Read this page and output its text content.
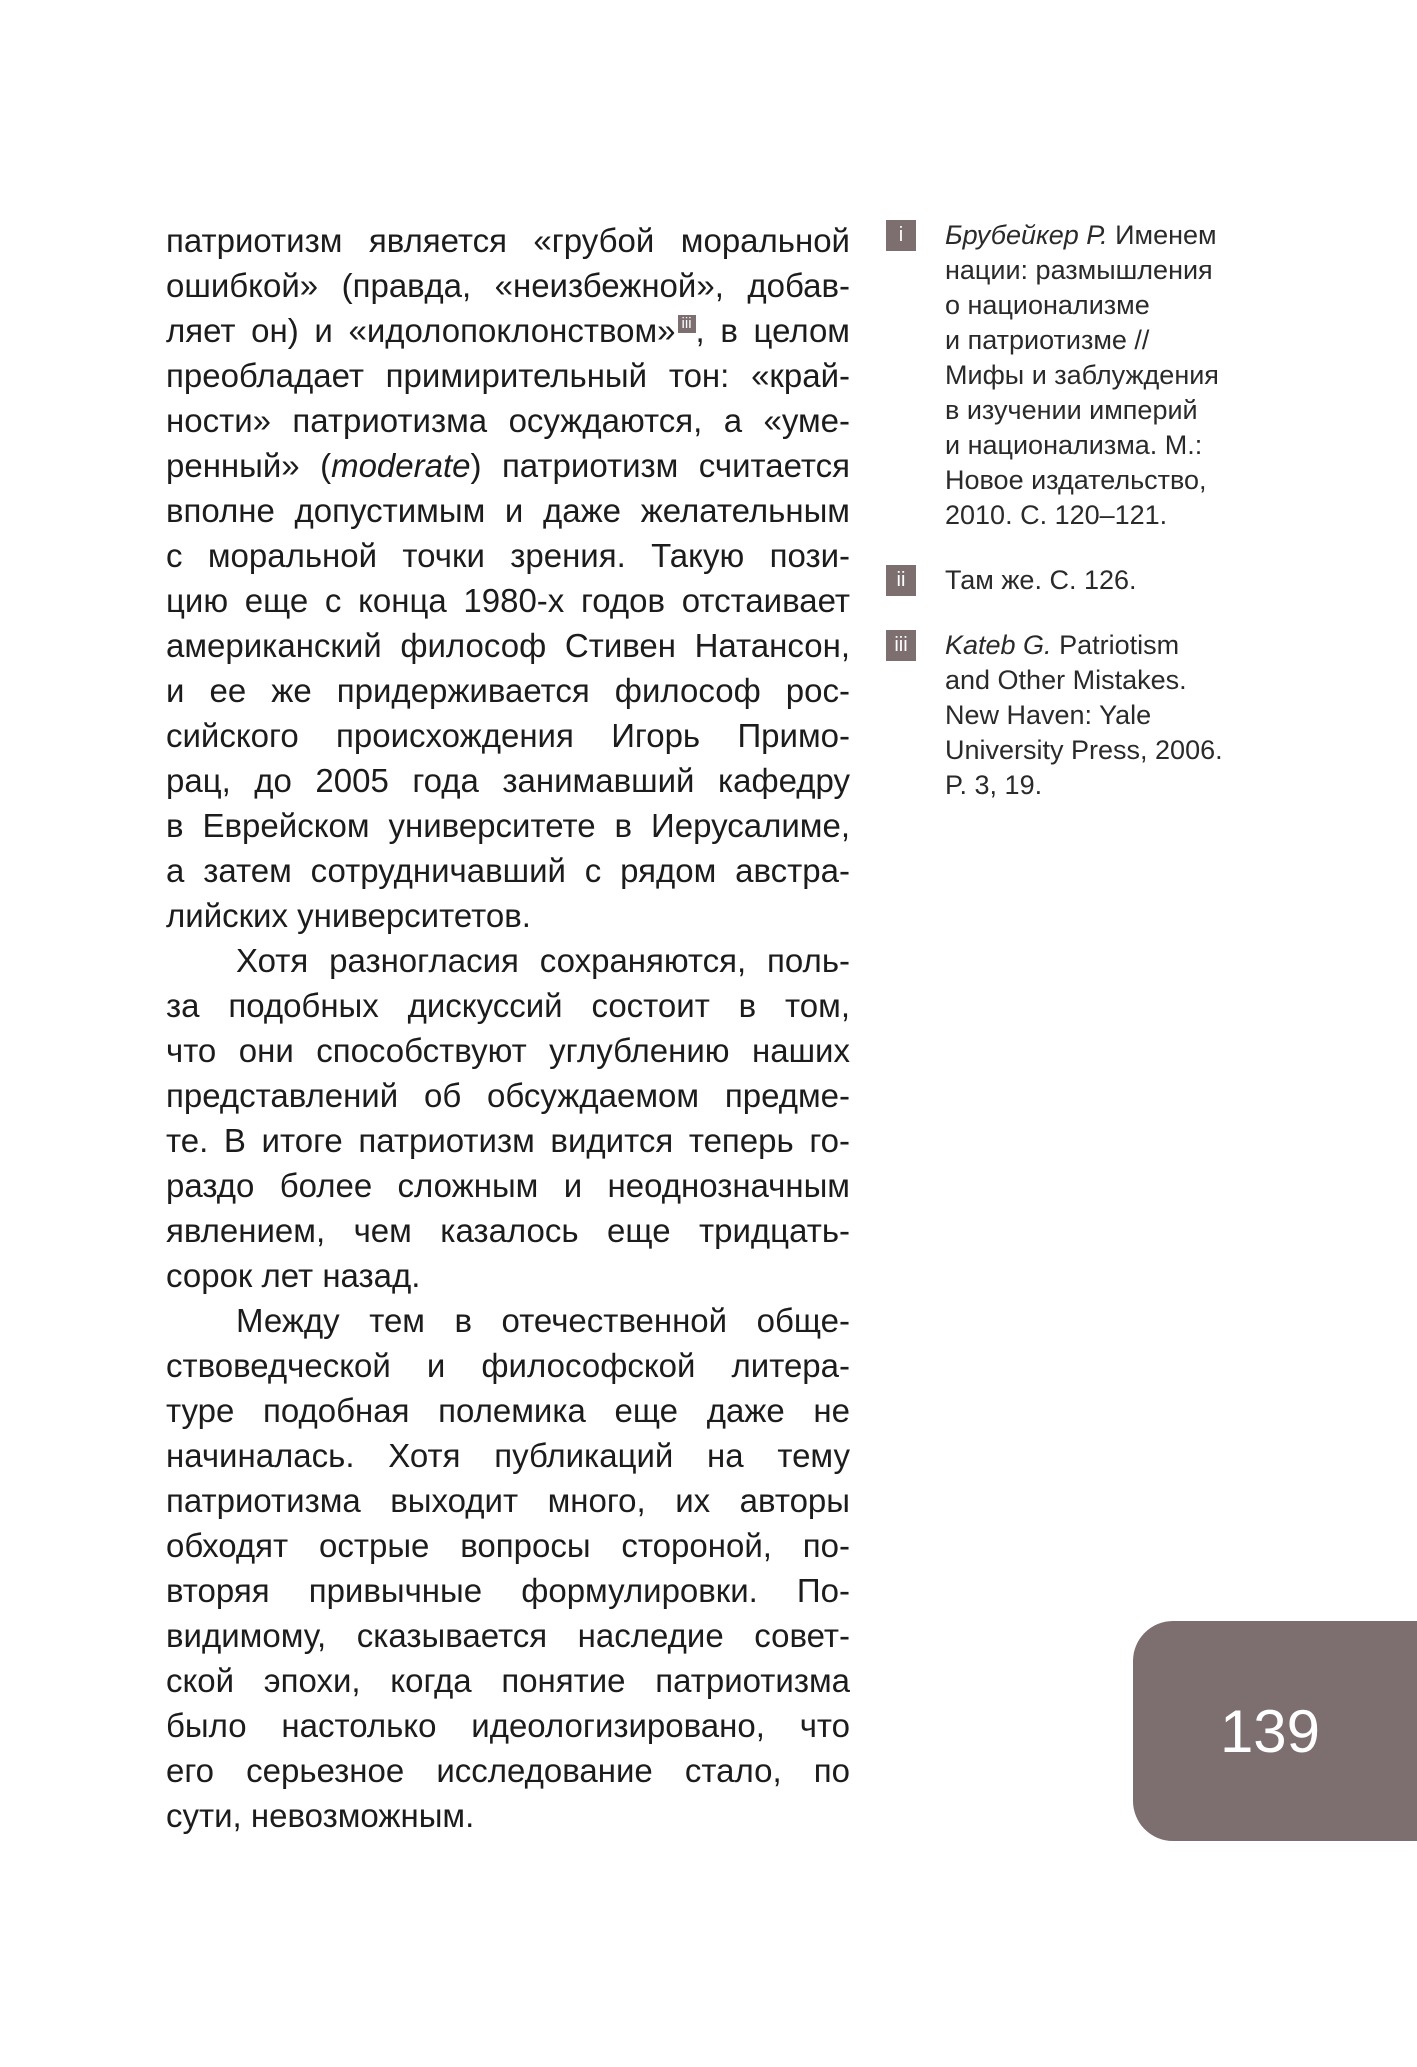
патриотизм является «грубой моральной
ошибкой» (правда, «неизбежной», добав-
ляет он) и «идолопоклонством» iii , в целом
преобладает примирительный тон: «край-
ности» патриотизма осуждаются, а «уме-
ренный» (moderate) патриотизм считается
вполне допустимым и даже желательным
с моральной точки зрения. Такую пози-
цию еще с конца 1980-х годов отстаивает
американский философ Стивен Натансон,
и ее же придерживается философ рос-
сийского происхождения Игорь Примо-
рац, до 2005 года занимавший кафедру
в Еврейском университете в Иерусалиме,
а затем сотрудничавший с рядом австра-
лийских университетов.
Хотя разногласия сохраняются, поль-
за подобных дискуссий состоит в том,
что они способствуют углублению наших
представлений об обсуждаемом предме-
те. В итоге патриотизм видится теперь го-
раздо более сложным и неоднозначным
явлением, чем казалось еще тридцать-
сорок лет назад.
Между тем в отечественной обще-
ствоведческой и философской литера-
туре подобная полемика еще даже не
начиналась. Хотя публикаций на тему
патриотизма выходит много, их авторы
обходят острые вопросы стороной, по-
вторяя привычные формулировки. По-
видимому, сказывается наследие совет-
ской эпохи, когда понятие патриотизма
было настолько идеологизировано, что
его серьезное исследование стало, по
сути, невозможным.
i	Брубейкер Р. Именем
нации: размышления
о национализме
и патриотизме //
Мифы и заблуждения
в изучении империй
и национализма. М.:
Новое издательство,
2010. С. 120–121.
ii	Там же. С. 126.
iii	Kateb G. Patriotism
and Other Mistakes.
New Haven: Yale
University Press, 2006.
P. 3, 19.
139
